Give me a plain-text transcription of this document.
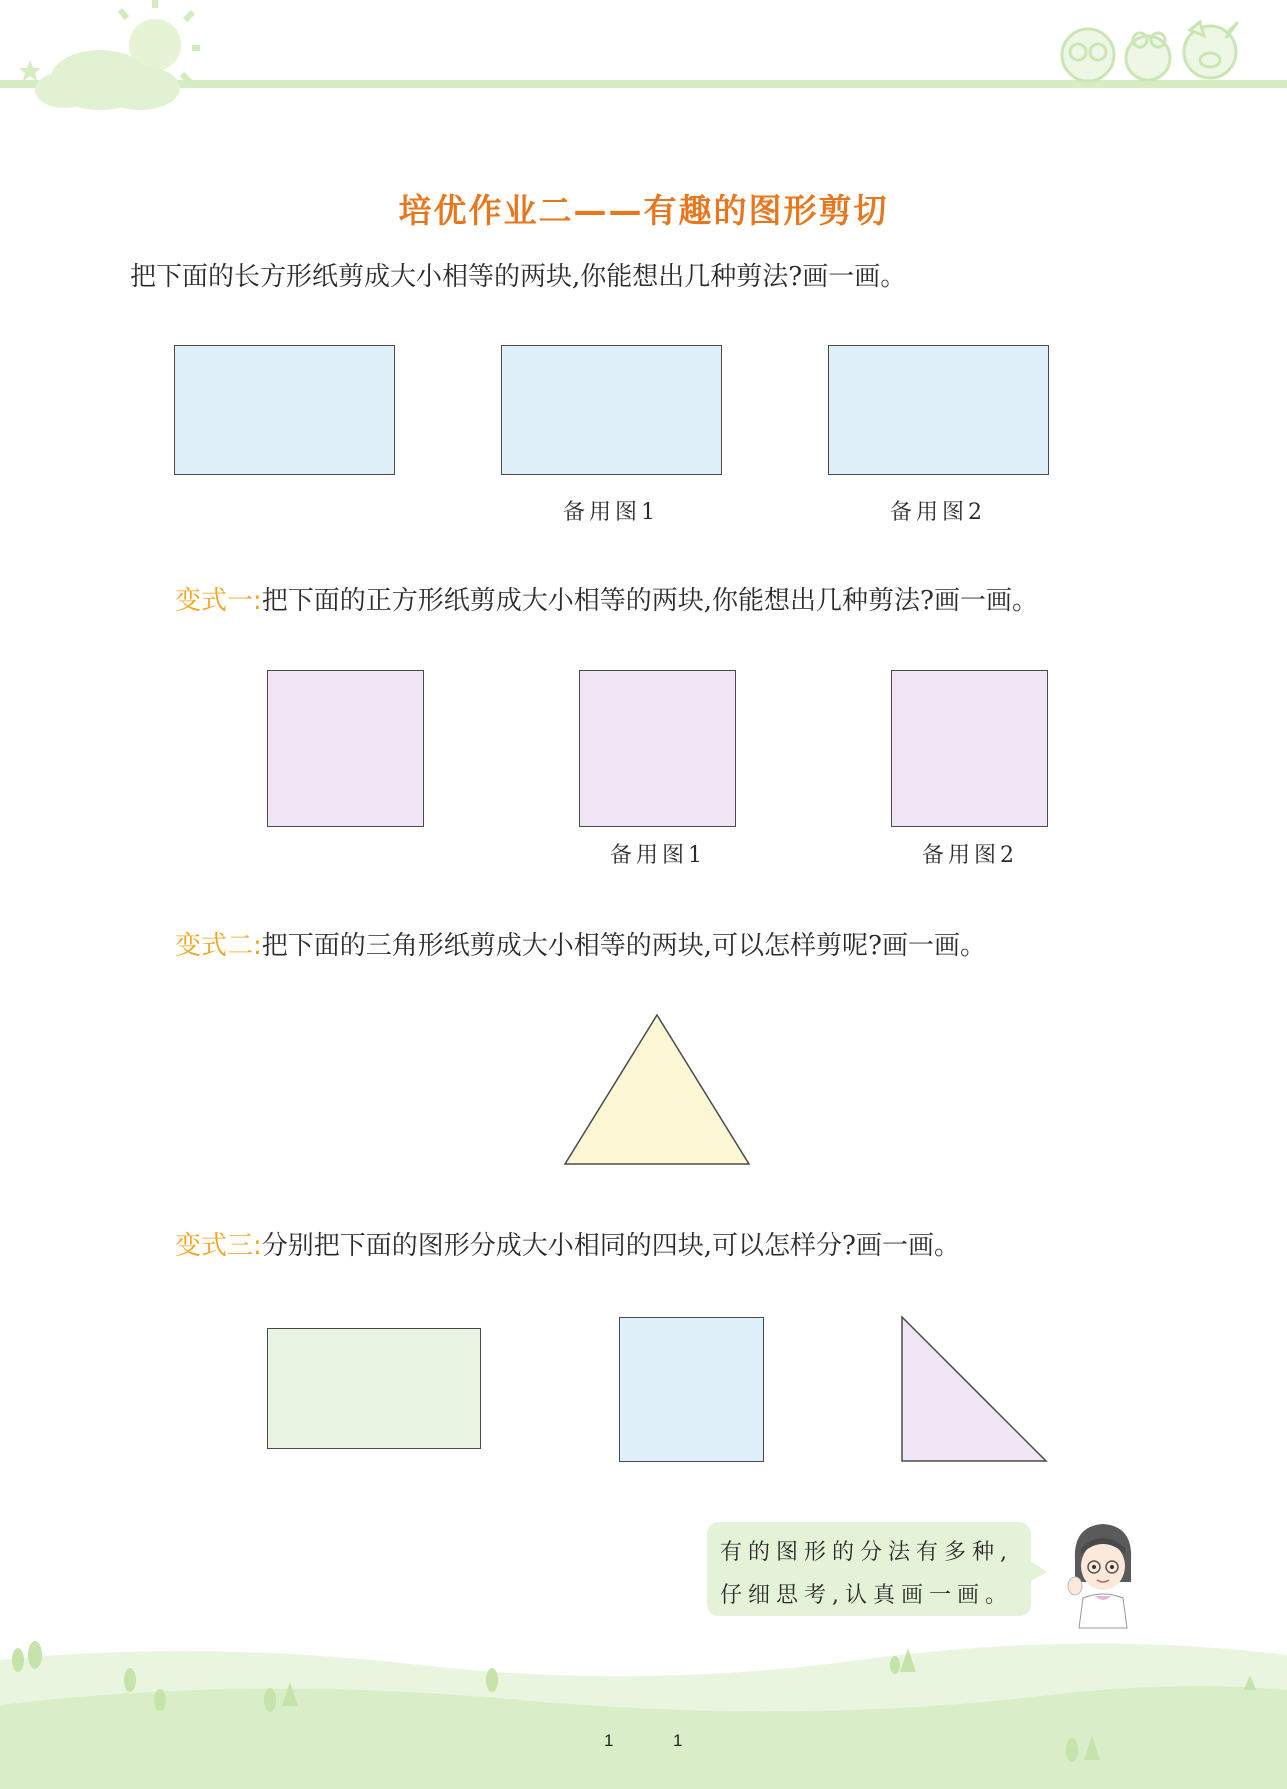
培优作业二——有趣的图形剪切
把下面的长方形纸剪成大小相等的两块,你能想出几种剪法?画一画。
备用图1	备用图2
变式一:把下面的正方形纸剪成大小相等的两块,你能想出几种剪法?画一画。
备用图1	备用图2
变式二:把下面的三角形纸剪成大小相等的两块,可以怎样剪呢?画一画。
变式三:分别把下面的图形分成大小相同的四块,可以怎样分?画一画。
有的图形的分法有多种,
仔细思考,认真画一画。
1	1
